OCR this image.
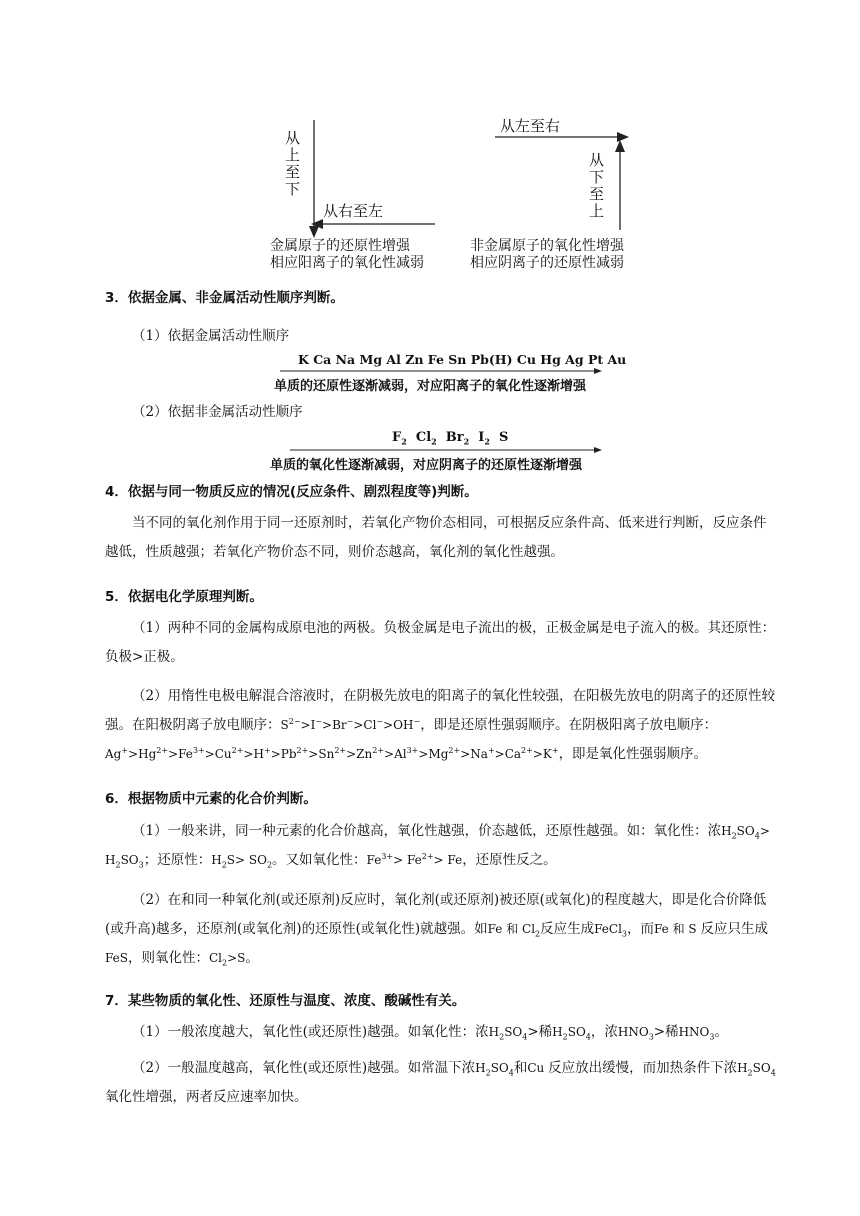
从上至下
从右至左
金属原子的还原性增强
相应阳离子的氧化性减弱
从左至右
从下至上
非金属原子的氧化性增强
相应阴离子的还原性减弱

3．依据金属、非金属活动性顺序判断。

（1）依据金属活动性顺序

K Ca Na Mg Al Zn Fe Sn Pb(H) Cu Hg Ag Pt Au
单质的还原性逐渐减弱，对应阳离子的氧化性逐渐增强

（2）依据非金属活动性顺序

$F_2$  $Cl_2$  $Br_2$  $I_2$  S
单质的氧化性逐渐减弱，对应阴离子的还原性逐渐增强

4．依据与同一物质反应的情况(反应条件、剧烈程度等)判断。

当不同的氧化剂作用于同一还原剂时，若氧化产物价态相同，可根据反应条件高、低来进行判断，反应条件越低，性质越强；若氧化产物价态不同，则价态越高，氧化剂的氧化性越强。

5．依据电化学原理判断。

（1）两种不同的金属构成原电池的两极。负极金属是电子流出的极，正极金属是电子流入的极。其还原性：负极>正极。

（2）用惰性电极电解混合溶液时，在阴极先放电的阳离子的氧化性较强，在阳极先放电的阴离子的还原性较强。在阳极阴离子放电顺序：$S^{2-}>I^->Br^->Cl^->OH^-$，即是还原性强弱顺序。在阴极阳离子放电顺序：$Ag^+>Hg^{2+}>Fe^{3+}>Cu^{2+}>H^+>Pb^{2+}>Sn^{2+}>Zn^{2+}>Al^{3+}>Mg^{2+}>Na^+>Ca^{2+}>K^+$，即是氧化性强弱顺序。

6．根据物质中元素的化合价判断。

（1）一般来讲，同一种元素的化合价越高，氧化性越强，价态越低，还原性越强。如：氧化性：浓$H_2SO_4> H_2SO_3$；还原性：$H_2S> SO_2$。又如氧化性：$Fe^{3+}> Fe^{2+}> Fe$，还原性反之。

（2）在和同一种氧化剂(或还原剂)反应时，氧化剂(或还原剂)被还原(或氧化)的程度越大，即是化合价降低(或升高)越多，还原剂(或氧化剂)的还原性(或氧化性)就越强。如Fe 和 $Cl_2$反应生成FeCl$_3$，而Fe 和 S 反应只生成FeS，则氧化性：$Cl_2>S$。

7．某些物质的氧化性、还原性与温度、浓度、酸碱性有关。

（1）一般浓度越大，氧化性(或还原性)越强。如氧化性：浓$H_2SO_4>$稀$H_2SO_4$，浓$HNO_3>$稀$HNO_3$。

（2）一般温度越高，氧化性(或还原性)越强。如常温下浓$H_2SO_4$和Cu 反应放出缓慢，而加热条件下浓$H_2SO_4$氧化性增强，两者反应速率加快。
